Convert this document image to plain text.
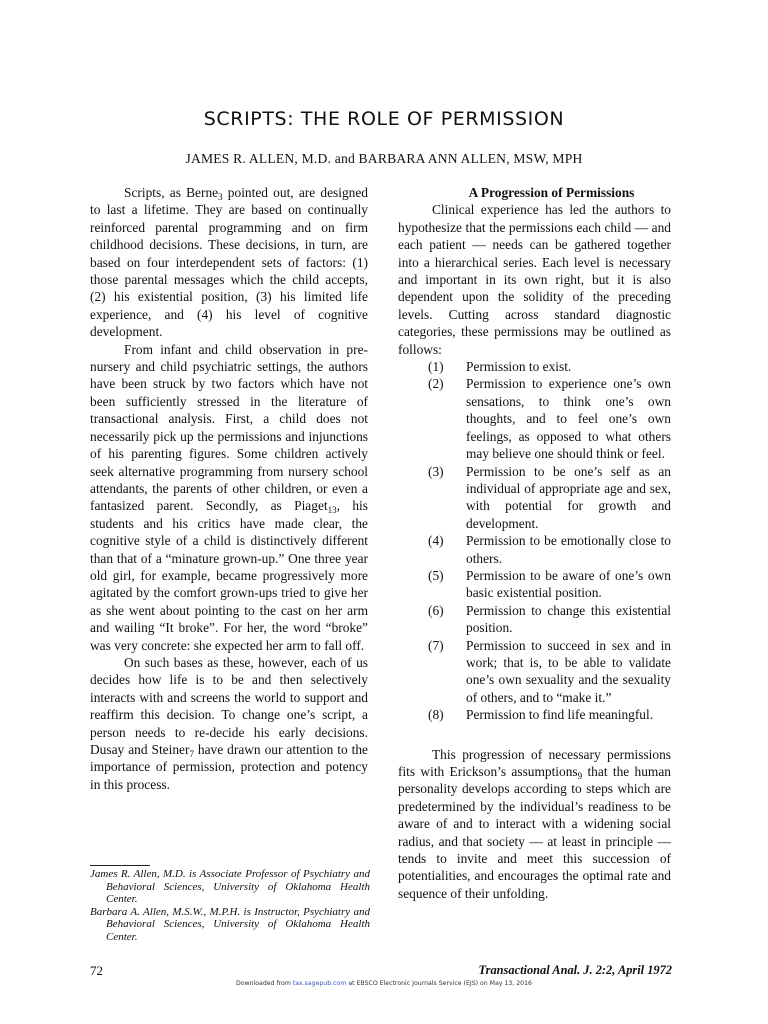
SCRIPTS: THE ROLE OF PERMISSION
JAMES R. ALLEN, M.D. and BARBARA ANN ALLEN, MSW, MPH

Scripts, as Berne$_3$ pointed out, are designed to last a lifetime. They are based on continually reinforced parental programming and on firm childhood decisions. These decisions, in turn, are based on four interdependent sets of factors: (1) those parental messages which the child accepts, (2) his existential position, (3) his limited life experience, and (4) his level of cognitive development.

From infant and child observation in pre-nursery and child psychiatric settings, the authors have been struck by two factors which have not been sufficiently stressed in the literature of transactional analysis. First, a child does not necessarily pick up the permissions and injunctions of his parenting figures. Some children actively seek alternative programming from nursery school attendants, the parents of other children, or even a fantasized parent. Secondly, as Piaget$_{13}$, his students and his critics have made clear, the cognitive style of a child is distinctively different than that of a “minature grown-up.” One three year old girl, for example, became progressively more agitated by the comfort grown-ups tried to give her as she went about pointing to the cast on her arm and wailing “It broke”. For her, the word “broke” was very concrete: she expected her arm to fall off.

On such bases as these, however, each of us decides how life is to be and then selectively interacts with and screens the world to support and reaffirm this decision. To change one’s script, a person needs to re-decide his early decisions. Dusay and Steiner$_7$ have drawn our attention to the importance of permission, protection and potency in this process.

James R. Allen, M.D. is Associate Professor of Psychiatry and Behavioral Sciences, University of Oklahoma Health Center.

Barbara A. Allen, M.S.W., M.P.H. is Instructor, Psychiatry and Behavioral Sciences, University of Oklahoma Health Center.

A Progression of Permissions

Clinical experience has led the authors to hypothesize that the permissions each child — and each patient — needs can be gathered together into a hierarchical series. Each level is necessary and important in its own right, but it is also dependent upon the solidity of the preceding levels. Cutting across standard diagnostic categories, these permissions may be outlined as follows:

(1)	Permission to exist.
(2)	Permission to experience one’s own sensations, to think one’s own thoughts, and to feel one’s own feelings, as opposed to what others may believe one should think or feel.
(3)	Permission to be one’s self as an individual of appropriate age and sex, with potential for growth and development.
(4)	Permission to be emotionally close to others.
(5)	Permission to be aware of one’s own basic existential position.
(6)	Permission to change this existential position.
(7)	Permission to succeed in sex and in work; that is, to be able to validate one’s own sexuality and the sexuality of others, and to “make it.”
(8)	Permission to find life meaningful.

This progression of necessary permissions fits with Erickson’s assumptions$_9$ that the human personality develops according to steps which are predetermined by the individual’s readiness to be aware of and to interact with a widening social radius, and that society — at least in principle — tends to invite and meet this succession of potentialities, and encourages the optimal rate and sequence of their unfolding.

72	Transactional Anal. J. 2:2, April 1972
Downloaded from tax.sagepub.com at EBSCO Electronic Journals Service (EJS) on May 13, 2016
